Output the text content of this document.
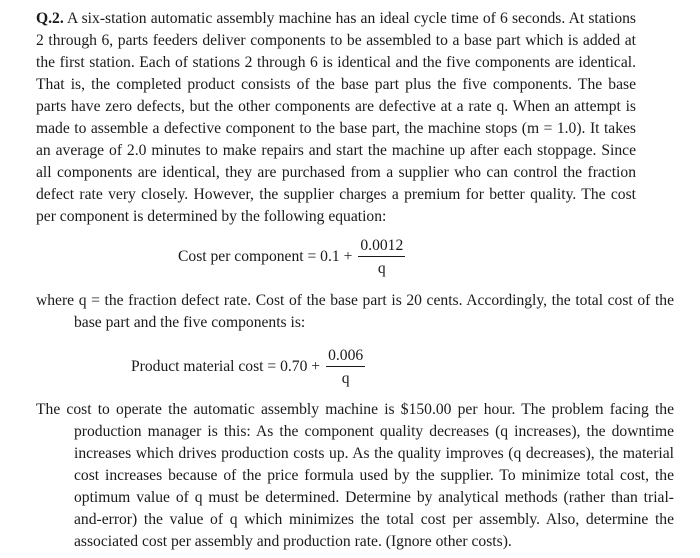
Q.2. A six-station automatic assembly machine has an ideal cycle time of 6 seconds. At stations 2 through 6, parts feeders deliver components to be assembled to a base part which is added at the first station. Each of stations 2 through 6 is identical and the five components are identical. That is, the completed product consists of the base part plus the five components. The base parts have zero defects, but the other components are defective at a rate q. When an attempt is made to assemble a defective component to the base part, the machine stops (m = 1.0). It takes an average of 2.0 minutes to make repairs and start the machine up after each stoppage. Since all components are identical, they are purchased from a supplier who can control the fraction defect rate very closely. However, the supplier charges a premium for better quality. The cost per component is determined by the following equation:

Cost per component = $0.1 + \frac{0.0012}{q}$

where q = the fraction defect rate. Cost of the base part is 20 cents. Accordingly, the total cost of the base part and the five components is:

Product material $\cos t = 0.70 + \frac{0.006}{q}$

The cost to operate the automatic assembly machine is $150.00 per hour. The problem facing the production manager is this: As the component quality decreases (q increases), the downtime increases which drives production costs up. As the quality improves (q decreases), the material cost increases because of the price formula used by the supplier. To minimize total cost, the optimum value of q must be determined. Determine by analytical methods (rather than trial-and-error) the value of q which minimizes the total cost per assembly. Also, determine the associated cost per assembly and production rate. (Ignore other costs).
